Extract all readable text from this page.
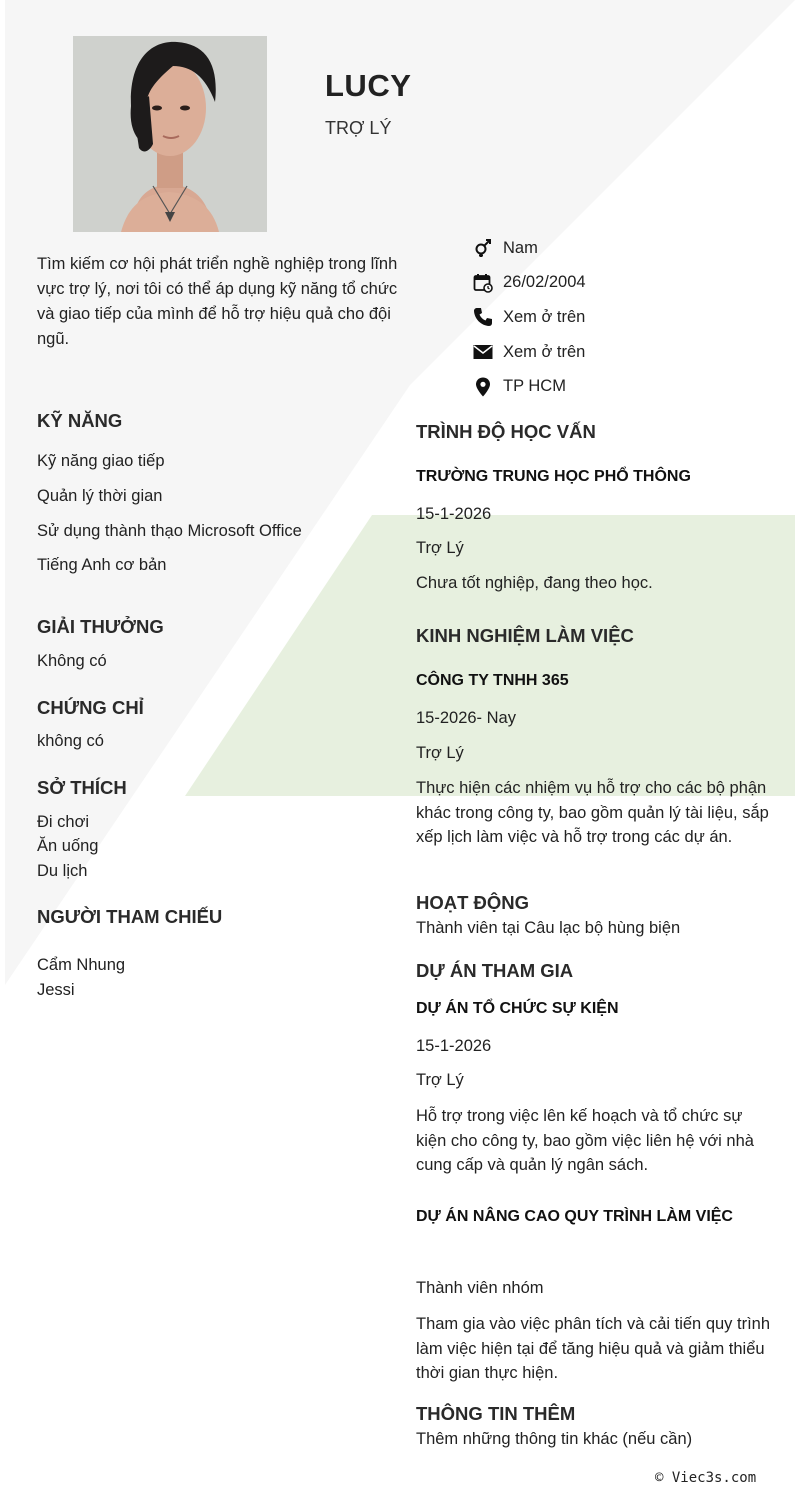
LUCY
TRỢ LÝ
Tìm kiếm cơ hội phát triển nghề nghiệp trong lĩnh vực trợ lý, nơi tôi có thể áp dụng kỹ năng tổ chức và giao tiếp của mình để hỗ trợ hiệu quả cho đội ngũ.
Nam
26/02/2004
Xem ở trên
Xem ở trên
TP HCM
KỸ NĂNG
Kỹ năng giao tiếp
Quản lý thời gian
Sử dụng thành thạo Microsoft Office
Tiếng Anh cơ bản
GIẢI THƯỞNG
Không có
CHỨNG CHỈ
không có
SỞ THÍCH
Đi chơi
Ăn uống
Du lịch
NGƯỜI THAM CHIẾU
Cẩm Nhung
Jessi
TRÌNH ĐỘ HỌC VẤN
TRƯỜNG TRUNG HỌC PHỔ THÔNG
15-1-2026
Trợ Lý
Chưa tốt nghiệp, đang theo học.
KINH NGHIỆM LÀM VIỆC
CÔNG TY TNHH 365
15-2026- Nay
Trợ Lý
Thực hiện các nhiệm vụ hỗ trợ cho các bộ phận khác trong công ty, bao gồm quản lý tài liệu, sắp xếp lịch làm việc và hỗ trợ trong các dự án.
HOẠT ĐỘNG
Thành viên tại Câu lạc bộ hùng biện
DỰ ÁN THAM GIA
DỰ ÁN TỔ CHỨC SỰ KIỆN
15-1-2026
Trợ Lý
Hỗ trợ trong việc lên kế hoạch và tổ chức sự kiện cho công ty, bao gồm việc liên hệ với nhà cung cấp và quản lý ngân sách.
DỰ ÁN NÂNG CAO QUY TRÌNH LÀM VIỆC
Thành viên nhóm
Tham gia vào việc phân tích và cải tiến quy trình làm việc hiện tại để tăng hiệu quả và giảm thiểu thời gian thực hiện.
THÔNG TIN THÊM
Thêm những thông tin khác (nếu cần)
© Viec3s.com
